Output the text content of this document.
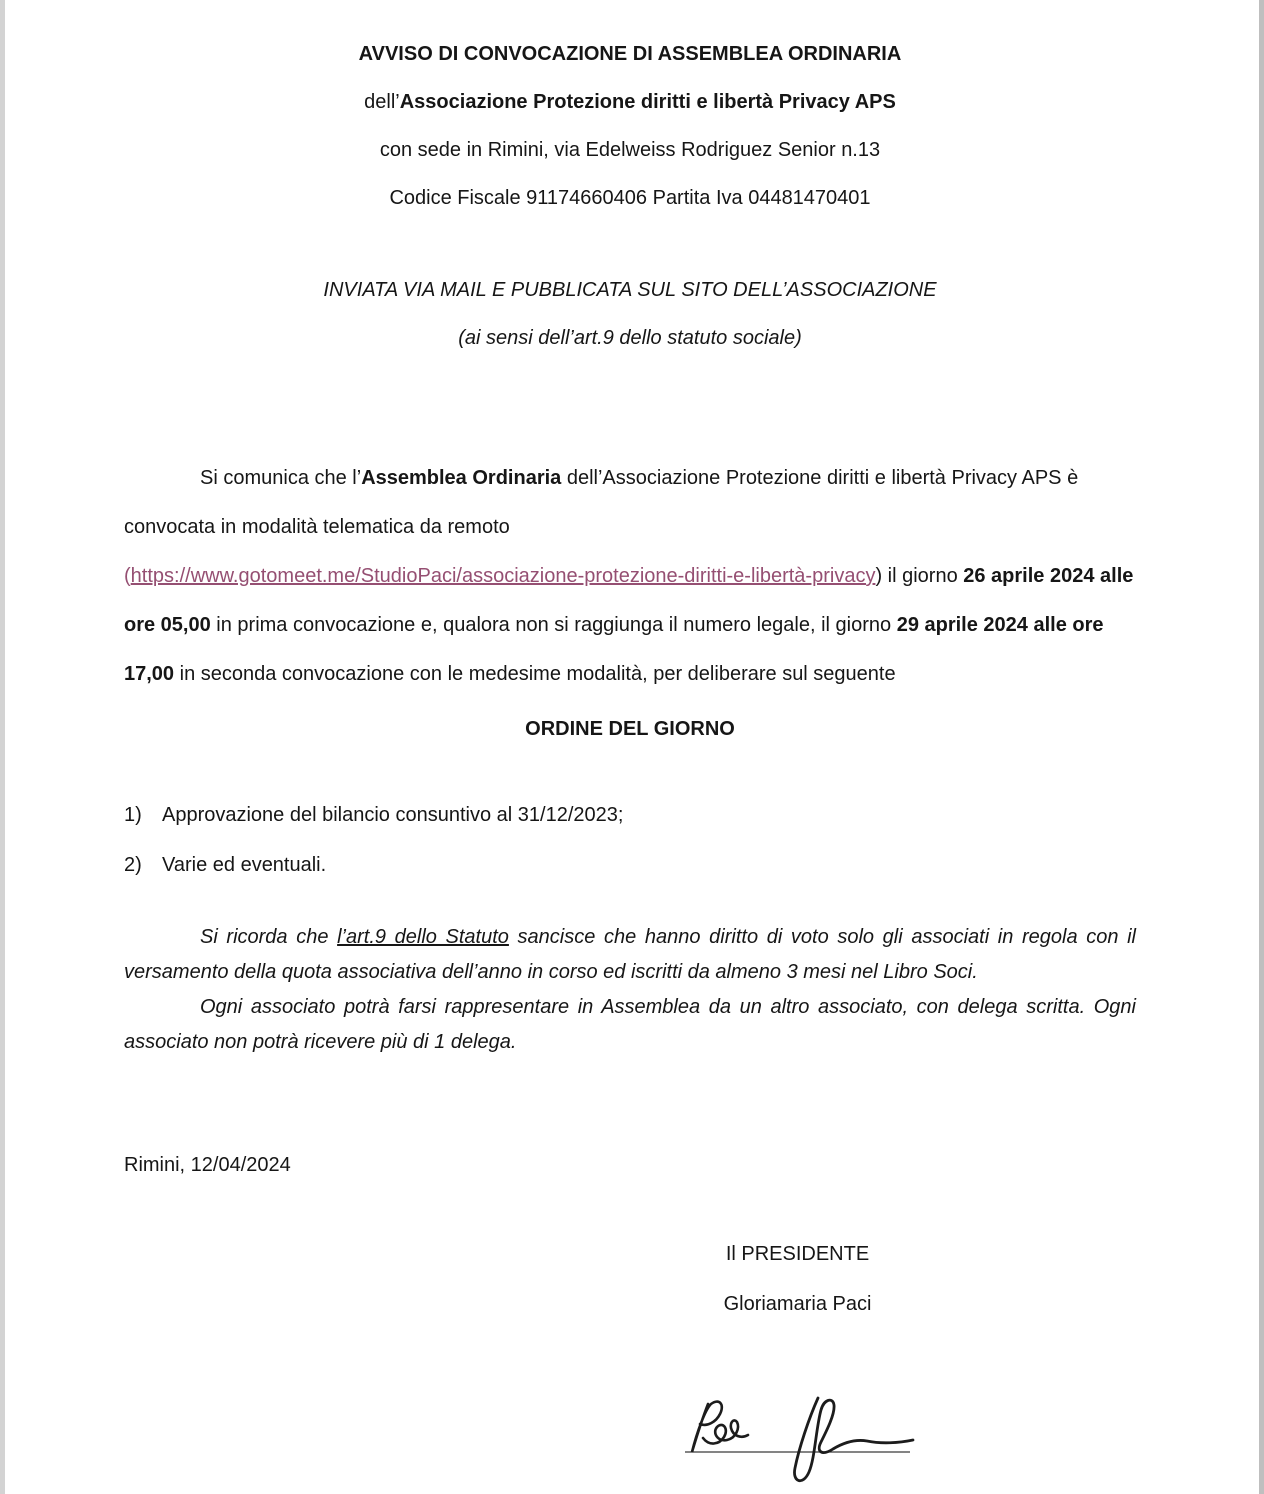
AVVISO DI CONVOCAZIONE DI ASSEMBLEA ORDINARIA

dell’Associazione Protezione diritti e libertà Privacy APS

con sede in Rimini, via Edelweiss Rodriguez Senior n.13

Codice Fiscale 91174660406 Partita Iva 04481470401

INVIATA VIA MAIL E PUBBLICATA SUL SITO DELL’ASSOCIAZIONE

(ai sensi dell’art.9 dello statuto sociale)

Si comunica che l’Assemblea Ordinaria dell’Associazione Protezione diritti e libertà Privacy APS è convocata in modalità telematica da remoto (https://www.gotomeet.me/StudioPaci/associazione-protezione-diritti-e-libertà-privacy) il giorno 26 aprile 2024 alle ore 05,00 in prima convocazione e, qualora non si raggiunga il numero legale, il giorno 29 aprile 2024 alle ore 17,00 in seconda convocazione con le medesime modalità, per deliberare sul seguente

ORDINE DEL GIORNO

1)	Approvazione del bilancio consuntivo al 31/12/2023;
2)	Varie ed eventuali.

Si ricorda che l’art.9 dello Statuto sancisce che hanno diritto di voto solo gli associati in regola con il versamento della quota associativa dell’anno in corso ed iscritti da almeno 3 mesi nel Libro Soci.

Ogni associato potrà farsi rappresentare in Assemblea da un altro associato, con delega scritta. Ogni associato non potrà ricevere più di 1 delega.

Rimini, 12/04/2024

Il PRESIDENTE

Gloriamaria Paci
